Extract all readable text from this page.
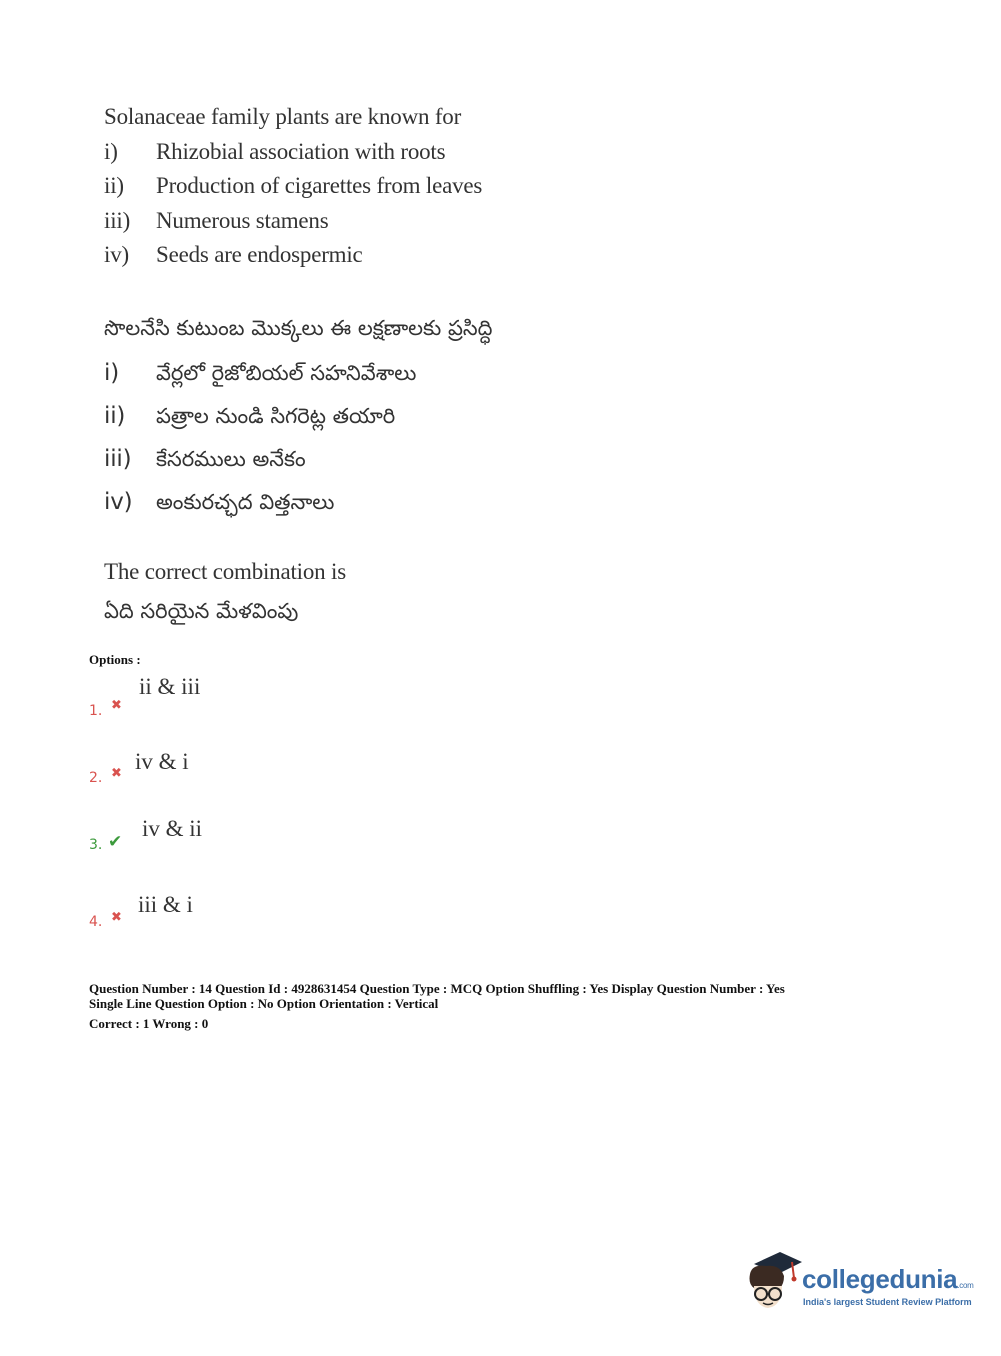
Solanaceae family plants are known for
i) Rhizobial association with roots
ii) Production of cigarettes from leaves
iii) Numerous stamens
iv) Seeds are endospermic
సొలనేసి కుటుంబ మొక్కలు ఈ లక్షణాలకు ప్రసిద్ధి
i) వేర్లలో రైజోబియల్ సహనివేశాలు
ii) పత్రాల నుండి సిగరెట్ల తయారి
iii) కేసరములు అనేకం
iv) అంకురచ్ఛద విత్తనాలు
The correct combination is
ఏది సరియైన మేళవింపు
Options :
1. ✖
ii & iii
2. ✖ iv & i
3. ✔
iv & ii
4. ✖
iii & i
Question Number : 14 Question Id : 4928631454 Question Type : MCQ Option Shuffling : Yes Display Question Number : Yes
Single Line Question Option : No Option Orientation : Vertical
Correct : 1 Wrong : 0
collegedunia.com
India's largest Student Review Platform
